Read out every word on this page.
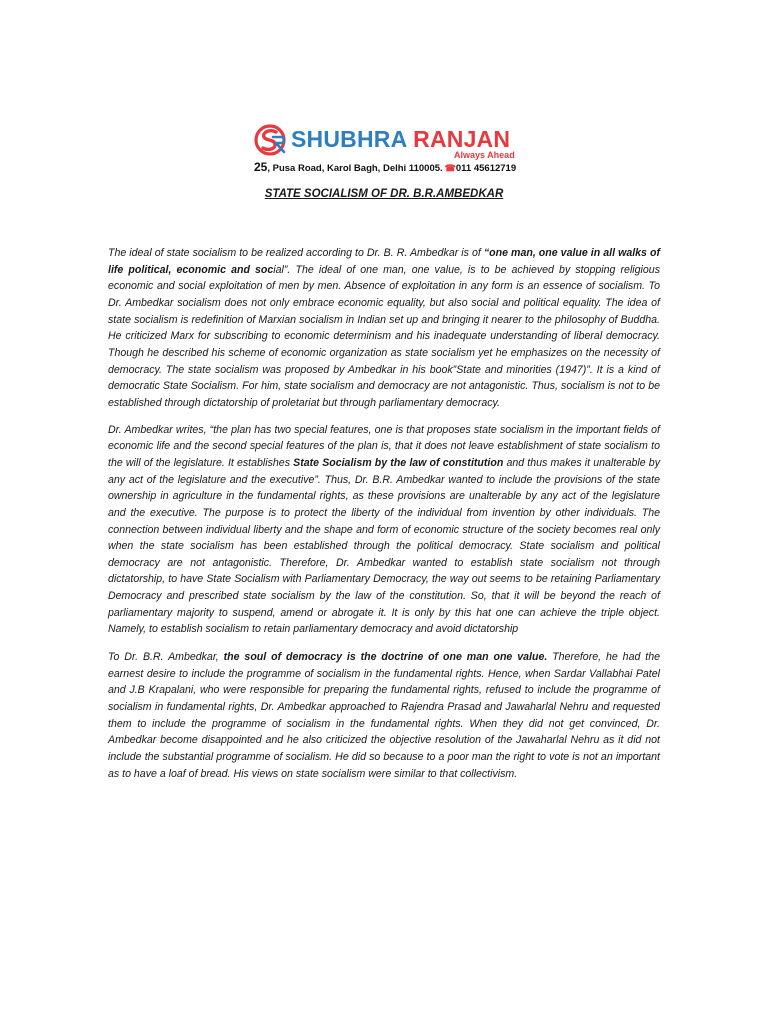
SHUBHRA RANJAN
Always Ahead
25, Pusa Road, Karol Bagh, Delhi 110005. ☎011 45612719
STATE SOCIALISM OF DR. B.R.AMBEDKAR

The ideal of state socialism to be realized according to Dr. B. R. Ambedkar is of “one man, one value in all walks of life political, economic and social”. The ideal of one man, one value, is to be achieved by stopping religious economic and social exploitation of men by men. Absence of exploitation in any form is an essence of socialism. To Dr. Ambedkar socialism does not only embrace economic equality, but also social and political equality. The idea of state socialism is redefinition of Marxian socialism in Indian set up and bringing it nearer to the philosophy of Buddha. He criticized Marx for subscribing to economic determinism and his inadequate understanding of liberal democracy. Though he described his scheme of economic organization as state socialism yet he emphasizes on the necessity of democracy. The state socialism was proposed by Ambedkar in his book”State and minorities (1947)”. It is a kind of democratic State Socialism. For him, state socialism and democracy are not antagonistic. Thus, socialism is not to be established through dictatorship of proletariat but through parliamentary democracy.

Dr. Ambedkar writes, “the plan has two special features, one is that proposes state socialism in the important fields of economic life and the second special features of the plan is, that it does not leave establishment of state socialism to the will of the legislature. It establishes State Socialism by the law of constitution and thus makes it unalterable by any act of the legislature and the executive”. Thus, Dr. B.R. Ambedkar wanted to include the provisions of the state ownership in agriculture in the fundamental rights, as these provisions are unalterable by any act of the legislature and the executive. The purpose is to protect the liberty of the individual from invention by other individuals. The connection between individual liberty and the shape and form of economic structure of the society becomes real only when the state socialism has been established through the political democracy. State socialism and political democracy are not antagonistic. Therefore, Dr. Ambedkar wanted to establish state socialism not through dictatorship, to have State Socialism with Parliamentary Democracy, the way out seems to be retaining Parliamentary Democracy and prescribed state socialism by the law of the constitution. So, that it will be beyond the reach of parliamentary majority to suspend, amend or abrogate it. It is only by this hat one can achieve the triple object. Namely, to establish socialism to retain parliamentary democracy and avoid dictatorship

To Dr. B.R. Ambedkar, the soul of democracy is the doctrine of one man one value. Therefore, he had the earnest desire to include the programme of socialism in the fundamental rights. Hence, when Sardar Vallabhai Patel and J.B Krapalani, who were responsible for preparing the fundamental rights, refused to include the programme of socialism in fundamental rights, Dr. Ambedkar approached to Rajendra Prasad and Jawaharlal Nehru and requested them to include the programme of socialism in the fundamental rights. When they did not get convinced, Dr. Ambedkar become disappointed and he also criticized the objective resolution of the Jawaharlal Nehru as it did not include the substantial programme of socialism. He did so because to a poor man the right to vote is not an important as to have a loaf of bread. His views on state socialism were similar to that collectivism.
